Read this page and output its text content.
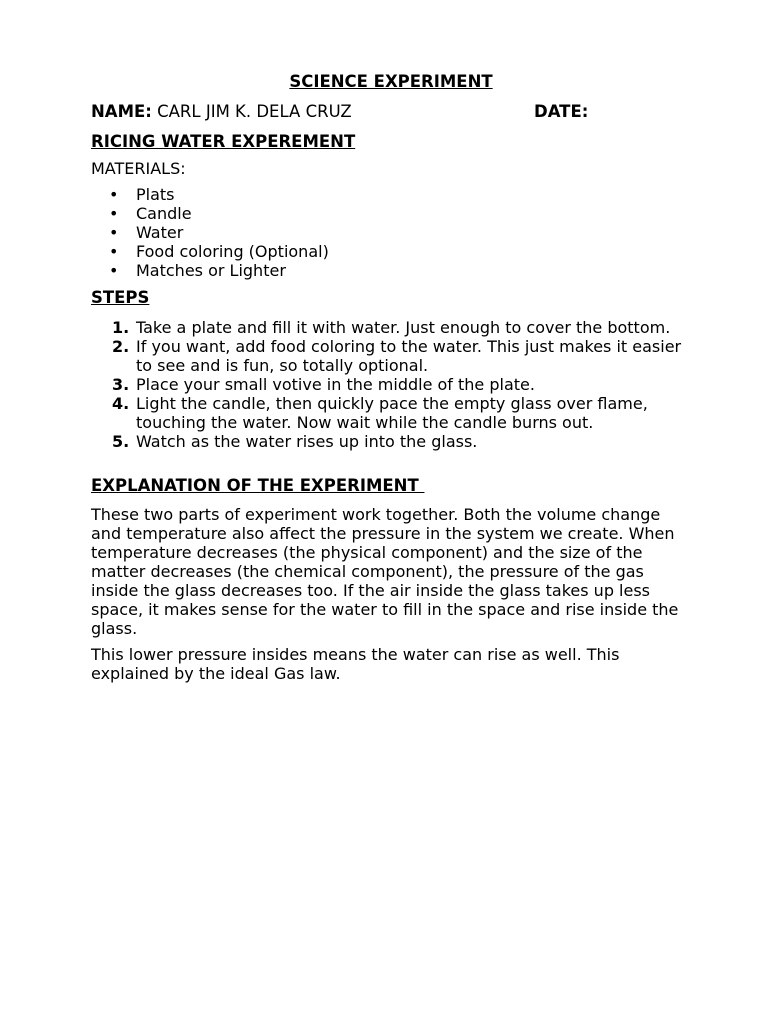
SCIENCE EXPERIMENT
NAME: CARL JIM K. DELA CRUZ	DATE:
RICING WATER EXPEREMENT
MATERIALS:
• Plats
• Candle
• Water
• Food coloring (Optional)
• Matches or Lighter
STEPS
1. Take a plate and fill it with water. Just enough to cover the bottom.
2. If you want, add food coloring to the water. This just makes it easier to see and is fun, so totally optional.
3. Place your small votive in the middle of the plate.
4. Light the candle, then quickly pace the empty glass over flame, touching the water. Now wait while the candle burns out.
5. Watch as the water rises up into the glass.
EXPLANATION OF THE EXPERIMENT

These two parts of experiment work together. Both the volume change and temperature also affect the pressure in the system we create. When temperature decreases (the physical component) and the size of the matter decreases (the chemical component), the pressure of the gas inside the glass decreases too. If the air inside the glass takes up less space, it makes sense for the water to fill in the space and rise inside the glass.

This lower pressure insides means the water can rise as well. This explained by the ideal Gas law.
